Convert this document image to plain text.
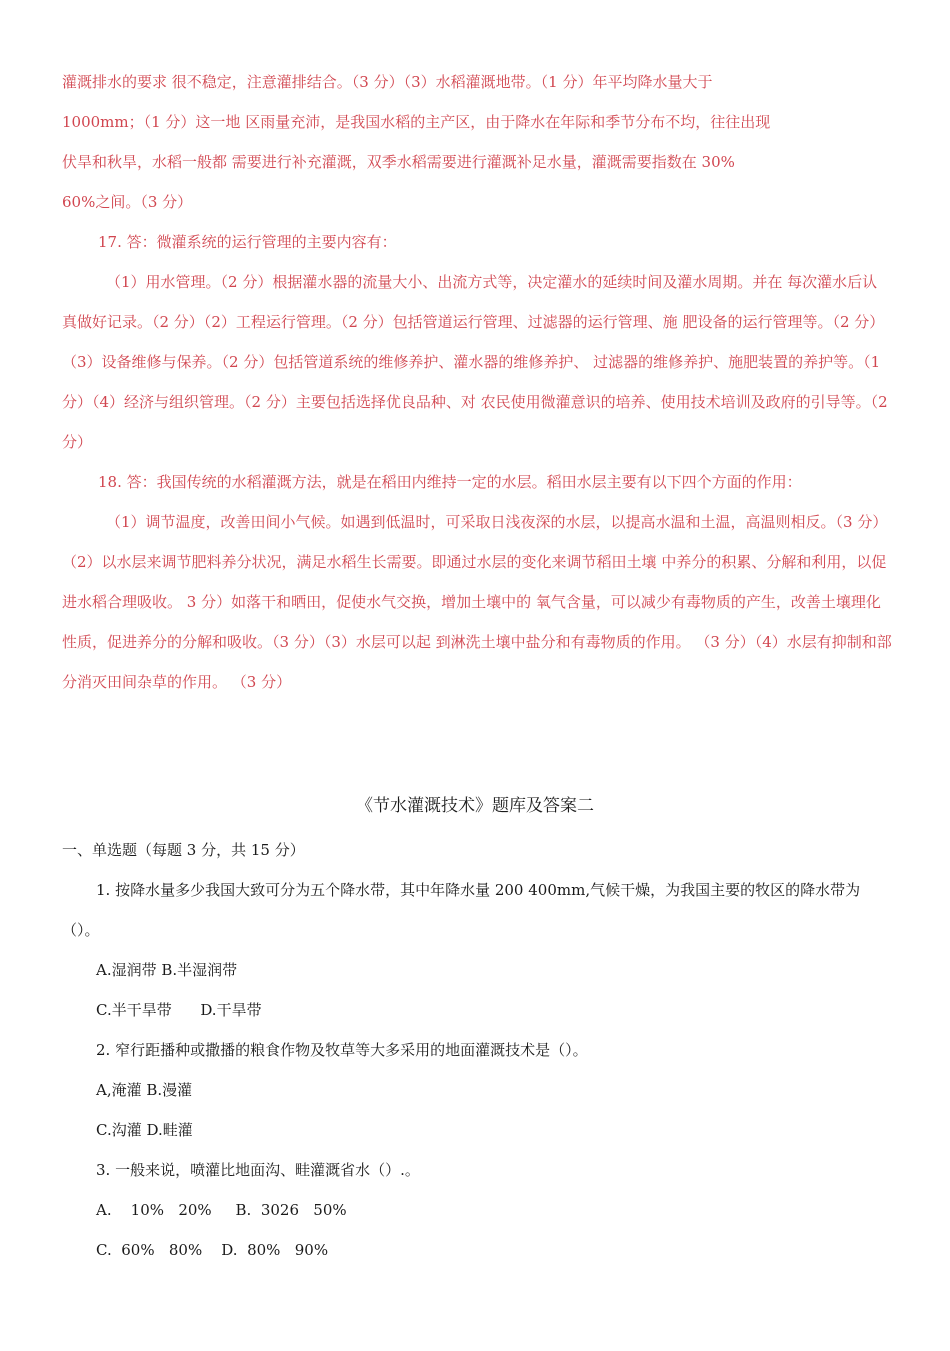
灌溉排水的要求 很不稳定，注意灌排结合。（3 分）（3）水稻灌溉地带。（1 分）年平均降水量大于

1000mm；（1 分）这一地 区雨量充沛，是我国水稻的主产区，由于降水在年际和季节分布不均，往往出现

伏旱和秋旱，水稻一般都 需要进行补充灌溉，双季水稻需要进行灌溉补足水量，灌溉需要指数在 30%

60%之间。（3 分）

17. 答：微灌系统的运行管理的主要内容有：

（1）用水管理。（2 分）根据灌水器的流量大小、出流方式等，决定灌水的延续时间及灌水周期。并在 每次灌水后认真做好记录。（2 分）（2）工程运行管理。（2 分）包括管道运行管理、过滤器的运行管理、施 肥设备的运行管理等。（2 分）（3）设备维修与保养。（2 分）包括管道系统的维修养护、灌水器的维修养护、 过滤器的维修养护、施肥装置的养护等。（1 分）（4）经济与组织管理。（2 分）主要包括选择优良品种、对 农民使用微灌意识的培养、使用技术培训及政府的引导等。（2 分）

18. 答：我国传统的水稻灌溉方法，就是在稻田内维持一定的水层。稻田水层主要有以下四个方面的作用：

（1）调节温度，改善田间小气候。如遇到低温时，可采取日浅夜深的水层，以提高水温和土温，高温则相反。（3 分）（2）以水层来调节肥料养分状况，满足水稻生长需要。即通过水层的变化来调节稻田土壤 中养分的积累、分解和利用，以促进水稻合理吸收。 3 分）如落干和晒田，促使水气交换，增加土壤中的 氧气含量，可以减少有毒物质的产生，改善土壤理化性质，促进养分的分解和吸收。（3 分）（3）水层可以起 到淋洗土壤中盐分和有毒物质的作用。 （3 分）（4）水层有抑制和部分消灭田间杂草的作用。 （3 分）

《节水灌溉技术》题库及答案二

一、单选题（每题 3 分，共 15 分）

1. 按降水量多少我国大致可分为五个降水带，其中年降水量 200 400mm,气候干燥，为我国主要的牧区的降水带为（）。

A.湿润带 B.半湿润带

C.半干旱带      D.干旱带

2. 窄行距播种或撒播的粮食作物及牧草等大多采用的地面灌溉技术是（）。

A,淹灌 B.漫灌

C.沟灌 D.畦灌

3. 一般来说，喷灌比地面沟、畦灌溉省水（）.。

A.    10%   20%     B.  3026   50%

C.  60%   80%    D.  80%   90%
